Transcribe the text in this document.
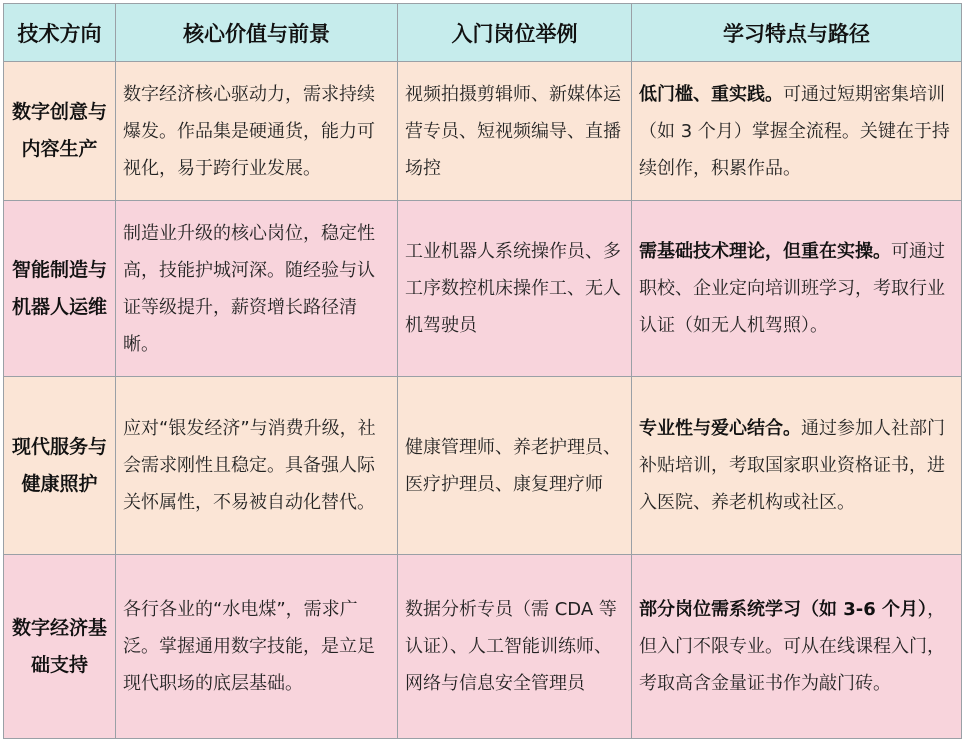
技术方向	核心价值与前景	入门岗位举例	学习特点与路径
数字创意与内容生产	数字经济核心驱动力，需求持续爆发。作品集是硬通货，能力可视化，易于跨行业发展。	视频拍摄剪辑师、新媒体运营专员、短视频编导、直播场控	低门槛、重实践。可通过短期密集培训（如 3 个月）掌握全流程。关键在于持续创作，积累作品。
智能制造与机器人运维	制造业升级的核心岗位，稳定性高，技能护城河深。随经验与认证等级提升，薪资增长路径清晰。	工业机器人系统操作员、多工序数控机床操作工、无人机驾驶员	需基础技术理论，但重在实操。可通过职校、企业定向培训班学习，考取行业认证（如无人机驾照）。
现代服务与健康照护	应对“银发经济”与消费升级，社会需求刚性且稳定。具备强人际关怀属性，不易被自动化替代。	健康管理师、养老护理员、医疗护理员、康复理疗师	专业性与爱心结合。通过参加人社部门补贴培训，考取国家职业资格证书，进入医院、养老机构或社区。
数字经济基础支持	各行各业的“水电煤”，需求广泛。掌握通用数字技能，是立足现代职场的底层基础。	数据分析专员（需 CDA 等认证）、人工智能训练师、网络与信息安全管理员	部分岗位需系统学习（如 3-6 个月），但入门不限专业。可从在线课程入门，考取高含金量证书作为敲门砖。
